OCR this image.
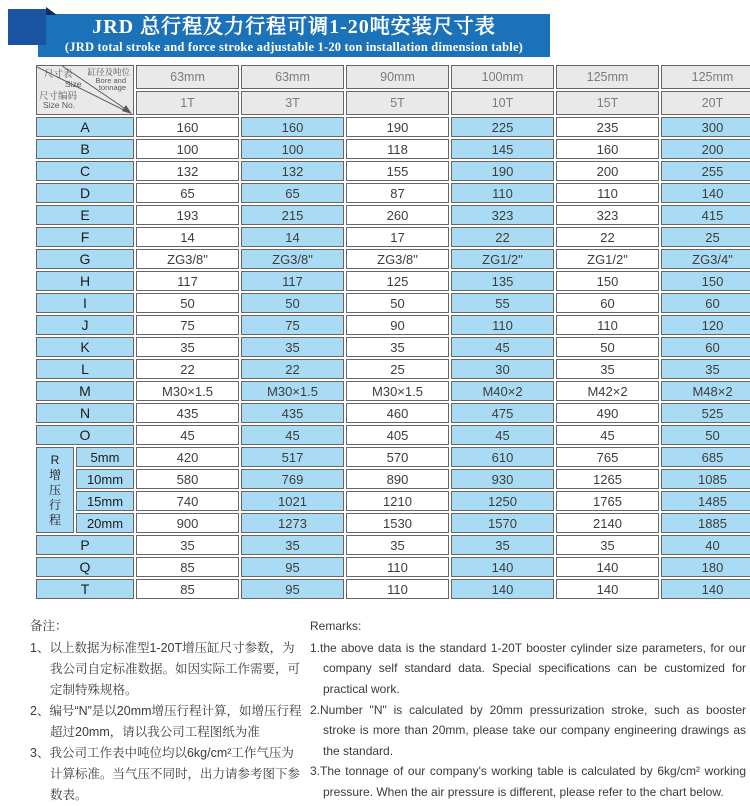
JRD 总行程及力行程可调1-20吨安装尺寸表
(JRD total stroke and force stroke adjustable 1-20 ton installation dimension table)
尺寸表
Size
缸径及吨位
Bore and
tonnage
尺寸编码
Size No.
	63mm	63mm	90mm	100mm	125mm	125mm
		1T	3T	5T	10T	15T	20T
A		160	160	190	225	235	300
B		100	100	118	145	160	200
C		132	132	155	190	200	255
D		65	65	87	110	110	140
E		193	215	260	323	323	415
F		14	14	17	22	22	25
G		ZG3/8"	ZG3/8"	ZG3/8"	ZG1/2"	ZG1/2"	ZG3/4"
H		117	117	125	135	150	150
I		50	50	50	55	60	60
J		75	75	90	110	110	120
K		35	35	35	45	50	60
L		22	22	25	30	35	35
M		M30×1.5	M30×1.5	M30×1.5	M40×2	M42×2	M48×2
N		435	435	460	475	490	525
O		45	45	405	45	45	50

R
增
压
行
程	5mm	420	517	570	610	765	685
	10mm	580	769	890	930	1265	1085
	15mm	740	1021	1210	1250	1765	1485
	20mm	900	1273	1530	1570	2140	1885
P		35	35	35	35	35	40
Q		85	95	110	140	140	180
T		85	95	110	140	140	140
备注：
1、以上数据为标准型1-20T增压缸尺寸参数，为我公司自定标准数据。如因实际工作需要，可定制特殊规格。
2、编号“N”是以20mm增压行程计算，如增压行程超过20mm，请以我公司工程图纸为准
3、我公司工作表中吨位均以6kg/cm²工作气压为计算标准。当气压不同时，出力请参考图下参数表。
Remarks:
1.the above data is the standard 1-20T booster cylinder size parameters, for our company self standard data. Special specifications can be customized for practical work.
2.Number "N" is calculated by 20mm pressurization stroke, such as booster stroke is more than 20mm, please take our company engineering drawings as the standard.
3.The tonnage of our company's working table is calculated by 6kg/cm² working pressure. When the air pressure is different, please refer to the chart below.
